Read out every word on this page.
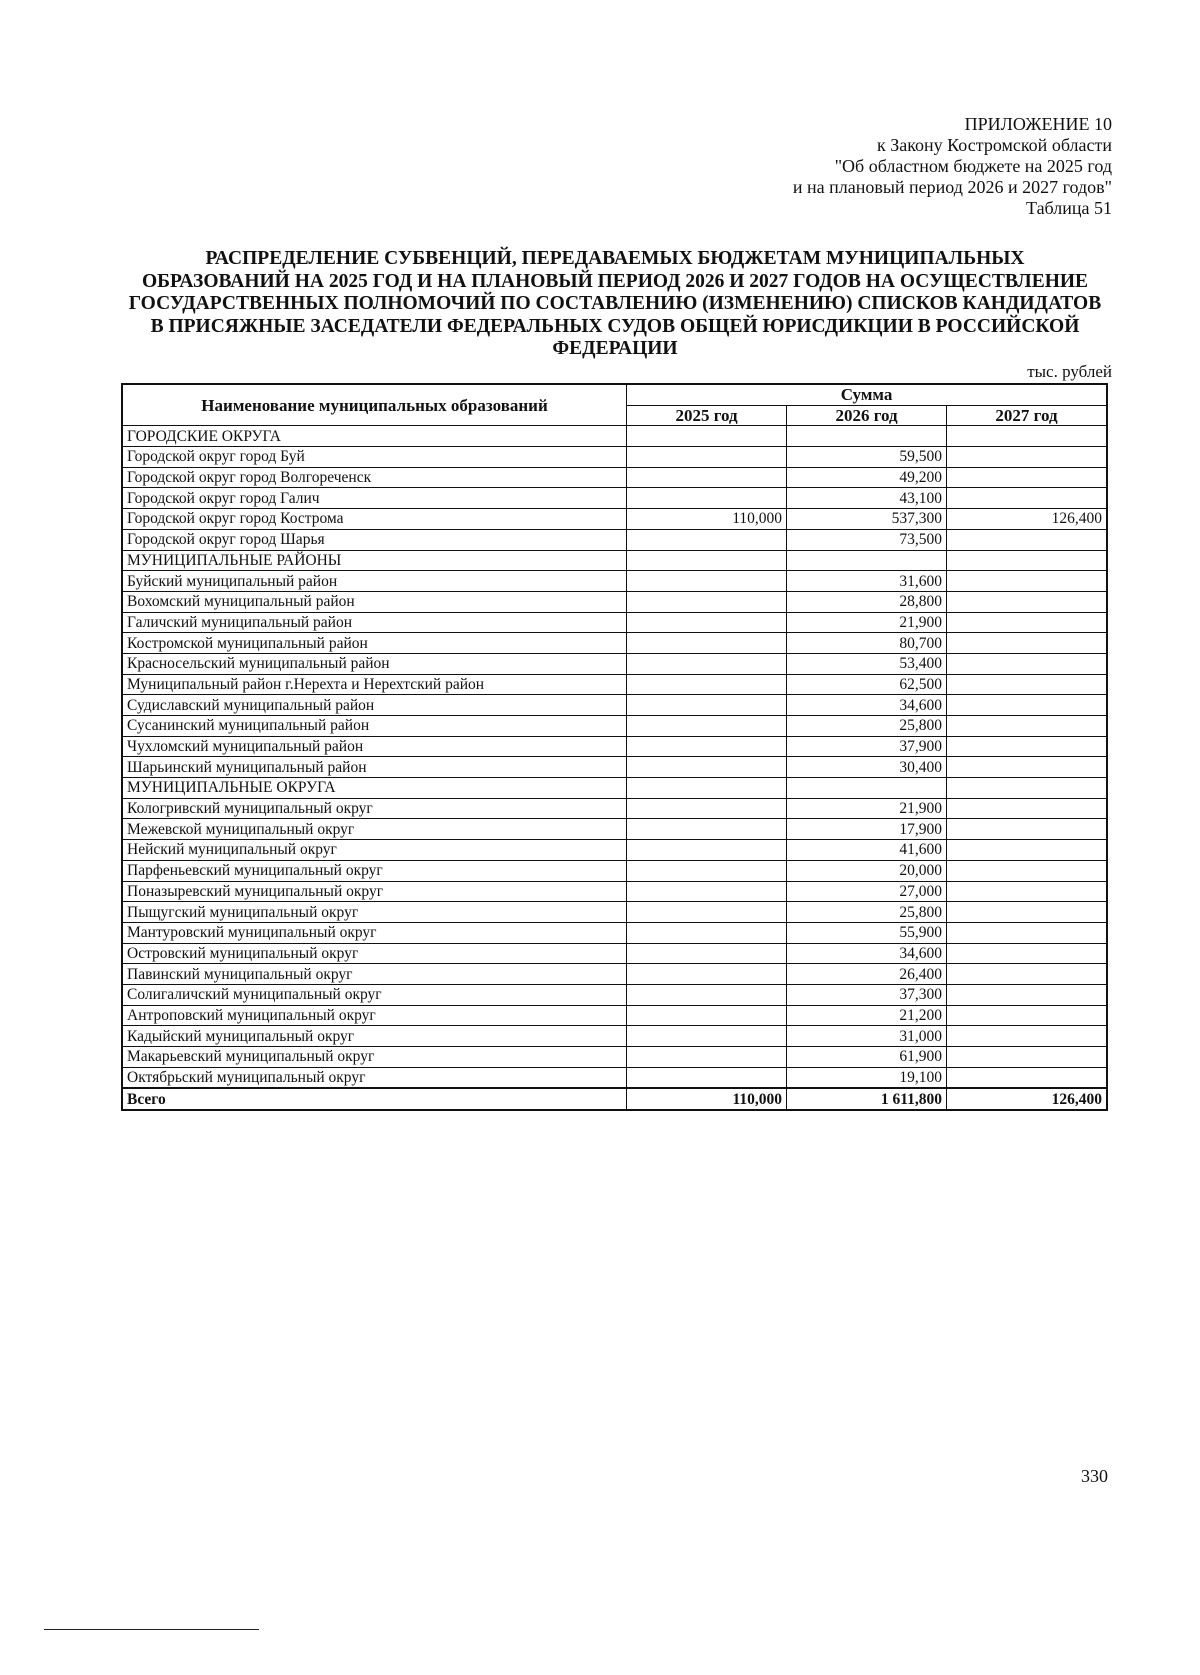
ПРИЛОЖЕНИЕ 10
к Закону Костромской области
"Об областном бюджете на 2025 год
и на плановый период 2026 и 2027 годов"
Таблица 51
РАСПРЕДЕЛЕНИЕ СУБВЕНЦИЙ, ПЕРЕДАВАЕМЫХ БЮДЖЕТАМ МУНИЦИПАЛЬНЫХ
ОБРАЗОВАНИЙ НА 2025 ГОД И НА ПЛАНОВЫЙ ПЕРИОД 2026 И 2027 ГОДОВ НА ОСУЩЕСТВЛЕНИЕ
ГОСУДАРСТВЕННЫХ ПОЛНОМОЧИЙ ПО СОСТАВЛЕНИЮ (ИЗМЕНЕНИЮ) СПИСКОВ КАНДИДАТОВ
В ПРИСЯЖНЫЕ ЗАСЕДАТЕЛИ ФЕДЕРАЛЬНЫХ СУДОВ ОБЩЕЙ ЮРИСДИКЦИИ В РОССИЙСКОЙ
ФЕДЕРАЦИИ
тыс. рублей
Наименование муниципальных образований	Сумма		
	2025 год	2026 год	2027 год
ГОРОДСКИЕ ОКРУГА			
Городской округ город Буй		59,500	
Городской округ город Волгореченск		49,200	
Городской округ город Галич		43,100	
Городской округ город Кострома	110,000	537,300	126,400
Городской округ город Шарья		73,500	
МУНИЦИПАЛЬНЫЕ РАЙОНЫ			
Буйский муниципальный район		31,600	
Вохомский муниципальный район		28,800	
Галичский муниципальный район		21,900	
Костромской муниципальный район		80,700	
Красносельский муниципальный район		53,400	
Муниципальный район г.Нерехта и Нерехтский район		62,500	
Судиславский муниципальный район		34,600	
Сусанинский муниципальный район		25,800	
Чухломский муниципальный район		37,900	
Шарьинский муниципальный район		30,400	
МУНИЦИПАЛЬНЫЕ ОКРУГА			
Кологривский муниципальный округ		21,900	
Межевской муниципальный округ		17,900	
Нейский муниципальный округ		41,600	
Парфеньевский муниципальный округ		20,000	
Поназыревский муниципальный округ		27,000	
Пыщугский муниципальный округ		25,800	
Мантуровский муниципальный округ		55,900	
Островский муниципальный округ		34,600	
Павинский муниципальный округ		26,400	
Солигаличский муниципальный округ		37,300	
Антроповский муниципальный округ		21,200	
Кадыйский муниципальный округ		31,000	
Макарьевский муниципальный округ		61,900	
Октябрьский муниципальный округ		19,100	
Всего	110,000	1 611,800	126,400
330
